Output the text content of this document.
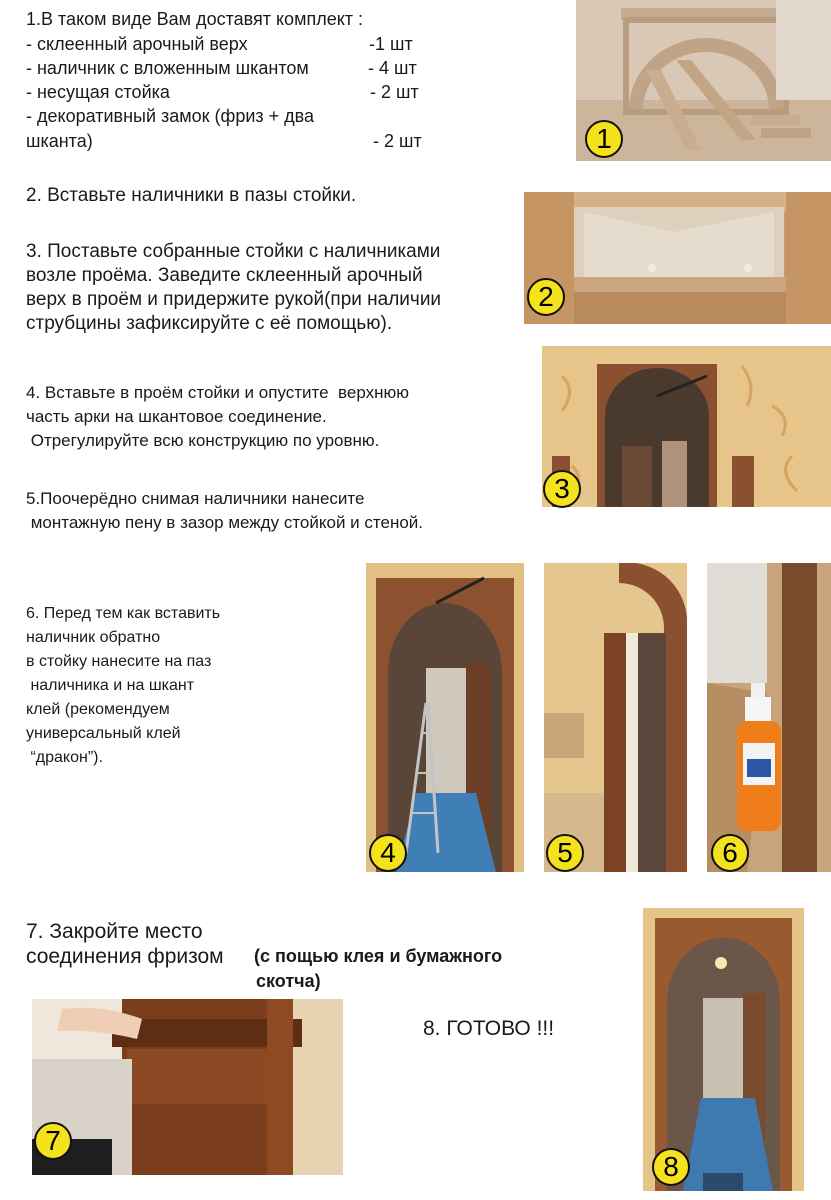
1.В таком виде Вам доставят комплект :
- склеенный арочный верх	-1 шт
- наличник с вложенным шкантом	- 4 шт
- несущая стойка	- 2 шт
- декоративный замок (фриз + два
шканта)	- 2 шт
2. Вставьте наличники в пазы стойки.
3. Поставьте собранные стойки с наличниками
возле проёма. Заведите склеенный арочный
верх в проём и придержите рукой(при наличии
струбцины зафиксируйте с её помощью).
4. Вставьте в проём стойки и опустите  верхнюю
часть арки на шкантовое соединение.
Отрегулируйте всю конструкцию по уровню.
5.Поочерёдно снимая наличники нанесите
монтажную пену в зазор между стойкой и стеной.
6. Перед тем как вставить
наличник обратно
в стойку нанесите на паз
наличника и на шкант
клей (рекомендуем
универсальный клей
“дракон”).
7. Закройте место
соединения фризом (с пощью клея и бумажного
скотча)
8. ГОТОВО !!!
1
2
3
4	5	6
7
8
